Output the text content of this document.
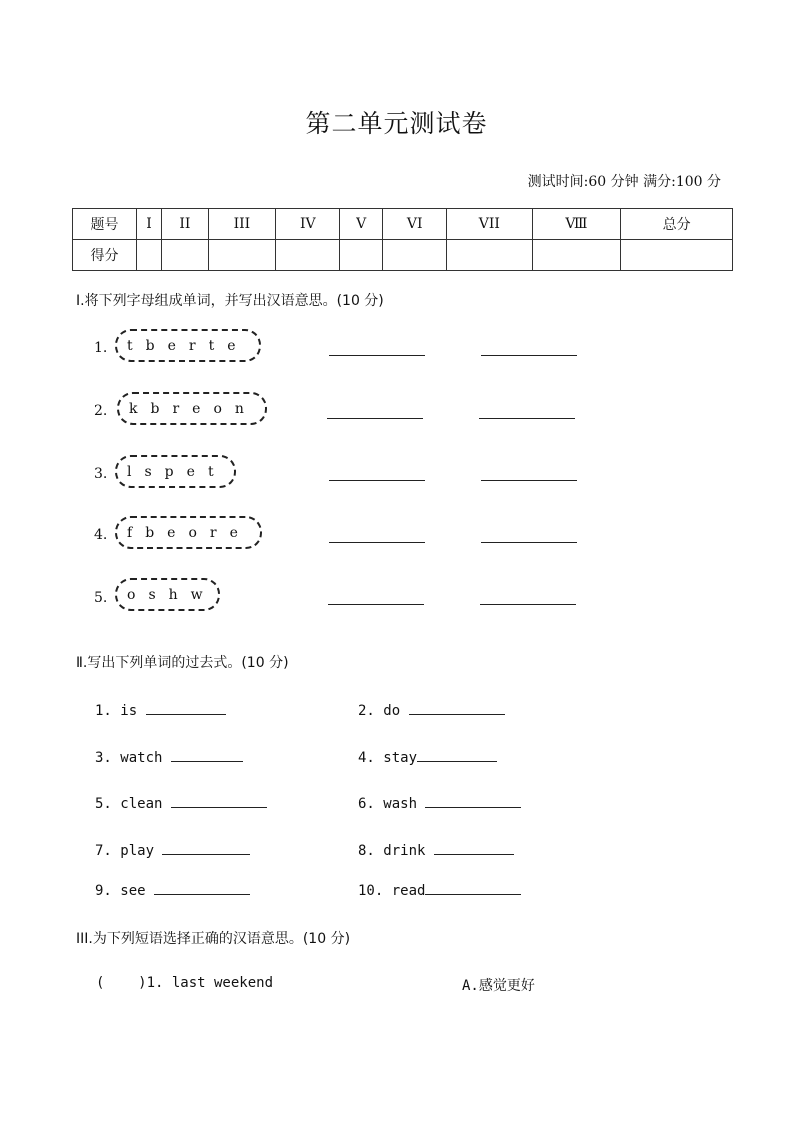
第二单元测试卷
测试时间:60 分钟 满分:100 分
题号	I	II	III	IV	V	VI	VII	Ⅷ	总分
得分									
Ⅰ.将下列字母组成单词，并写出汉语意思。(10 分)
1. t b e r t e
2. k b r e o n
3. l s p e t
4. f b e o r e
5. o s h w
Ⅱ.写出下列单词的过去式。(10 分)
1. is	2. do
3. watch	4. stay
5. clean	6. wash
7. play	8. drink
9. see	10. read
III.为下列短语选择正确的汉语意思。(10 分)
(    )1. last weekend	A.感觉更好
